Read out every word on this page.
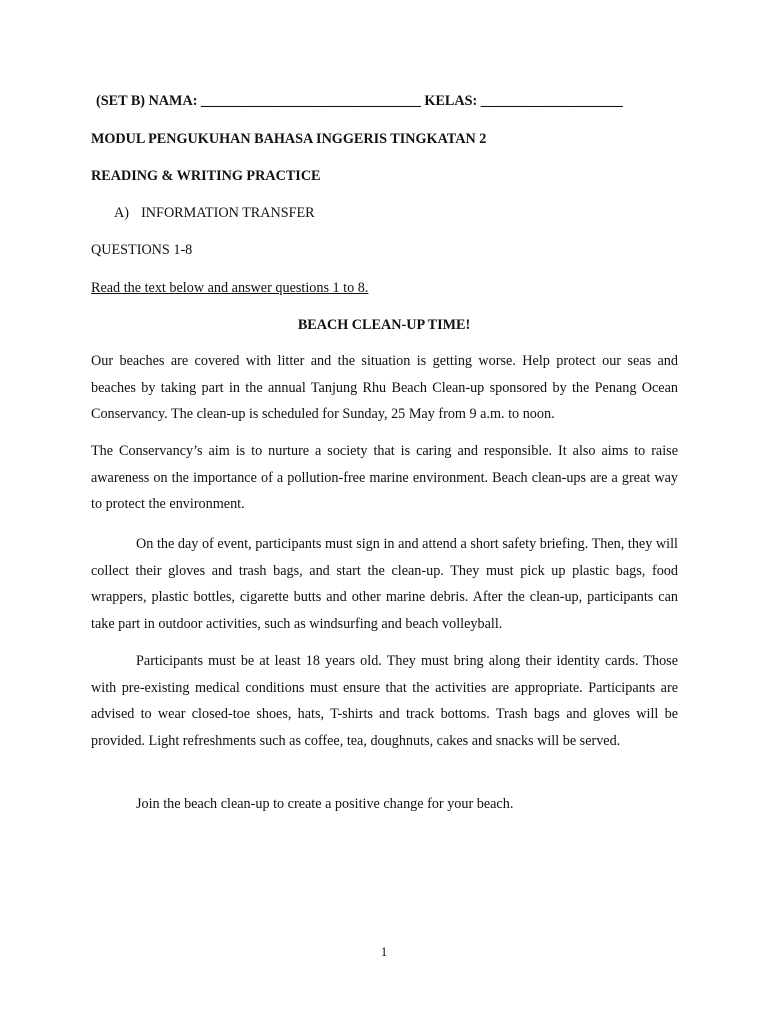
(SET B) NAMA: _______________________________ KELAS: ____________________
MODUL PENGUKUHAN BAHASA INGGERIS TINGKATAN 2
READING & WRITING PRACTICE
A) INFORMATION TRANSFER
QUESTIONS 1-8
Read the text below and answer questions 1 to 8.
BEACH CLEAN-UP TIME!
Our beaches are covered with litter and the situation is getting worse. Help protect our seas and beaches by taking part in the annual Tanjung Rhu Beach Clean-up sponsored by the Penang Ocean Conservancy. The clean-up is scheduled for Sunday, 25 May from 9 a.m. to noon.
The Conservancy’s aim is to nurture a society that is caring and responsible. It also aims to raise awareness on the importance of a pollution-free marine environment. Beach clean-ups are a great way to protect the environment.
On the day of event, participants must sign in and attend a short safety briefing. Then, they will collect their gloves and trash bags, and start the clean-up. They must pick up plastic bags, food wrappers, plastic bottles, cigarette butts and other marine debris. After the clean-up, participants can take part in outdoor activities, such as windsurfing and beach volleyball.
Participants must be at least 18 years old. They must bring along their identity cards. Those with pre-existing medical conditions must ensure that the activities are appropriate. Participants are advised to wear closed-toe shoes, hats, T-shirts and track bottoms. Trash bags and gloves will be provided. Light refreshments such as coffee, tea, doughnuts, cakes and snacks will be served.
Join the beach clean-up to create a positive change for your beach.
1
